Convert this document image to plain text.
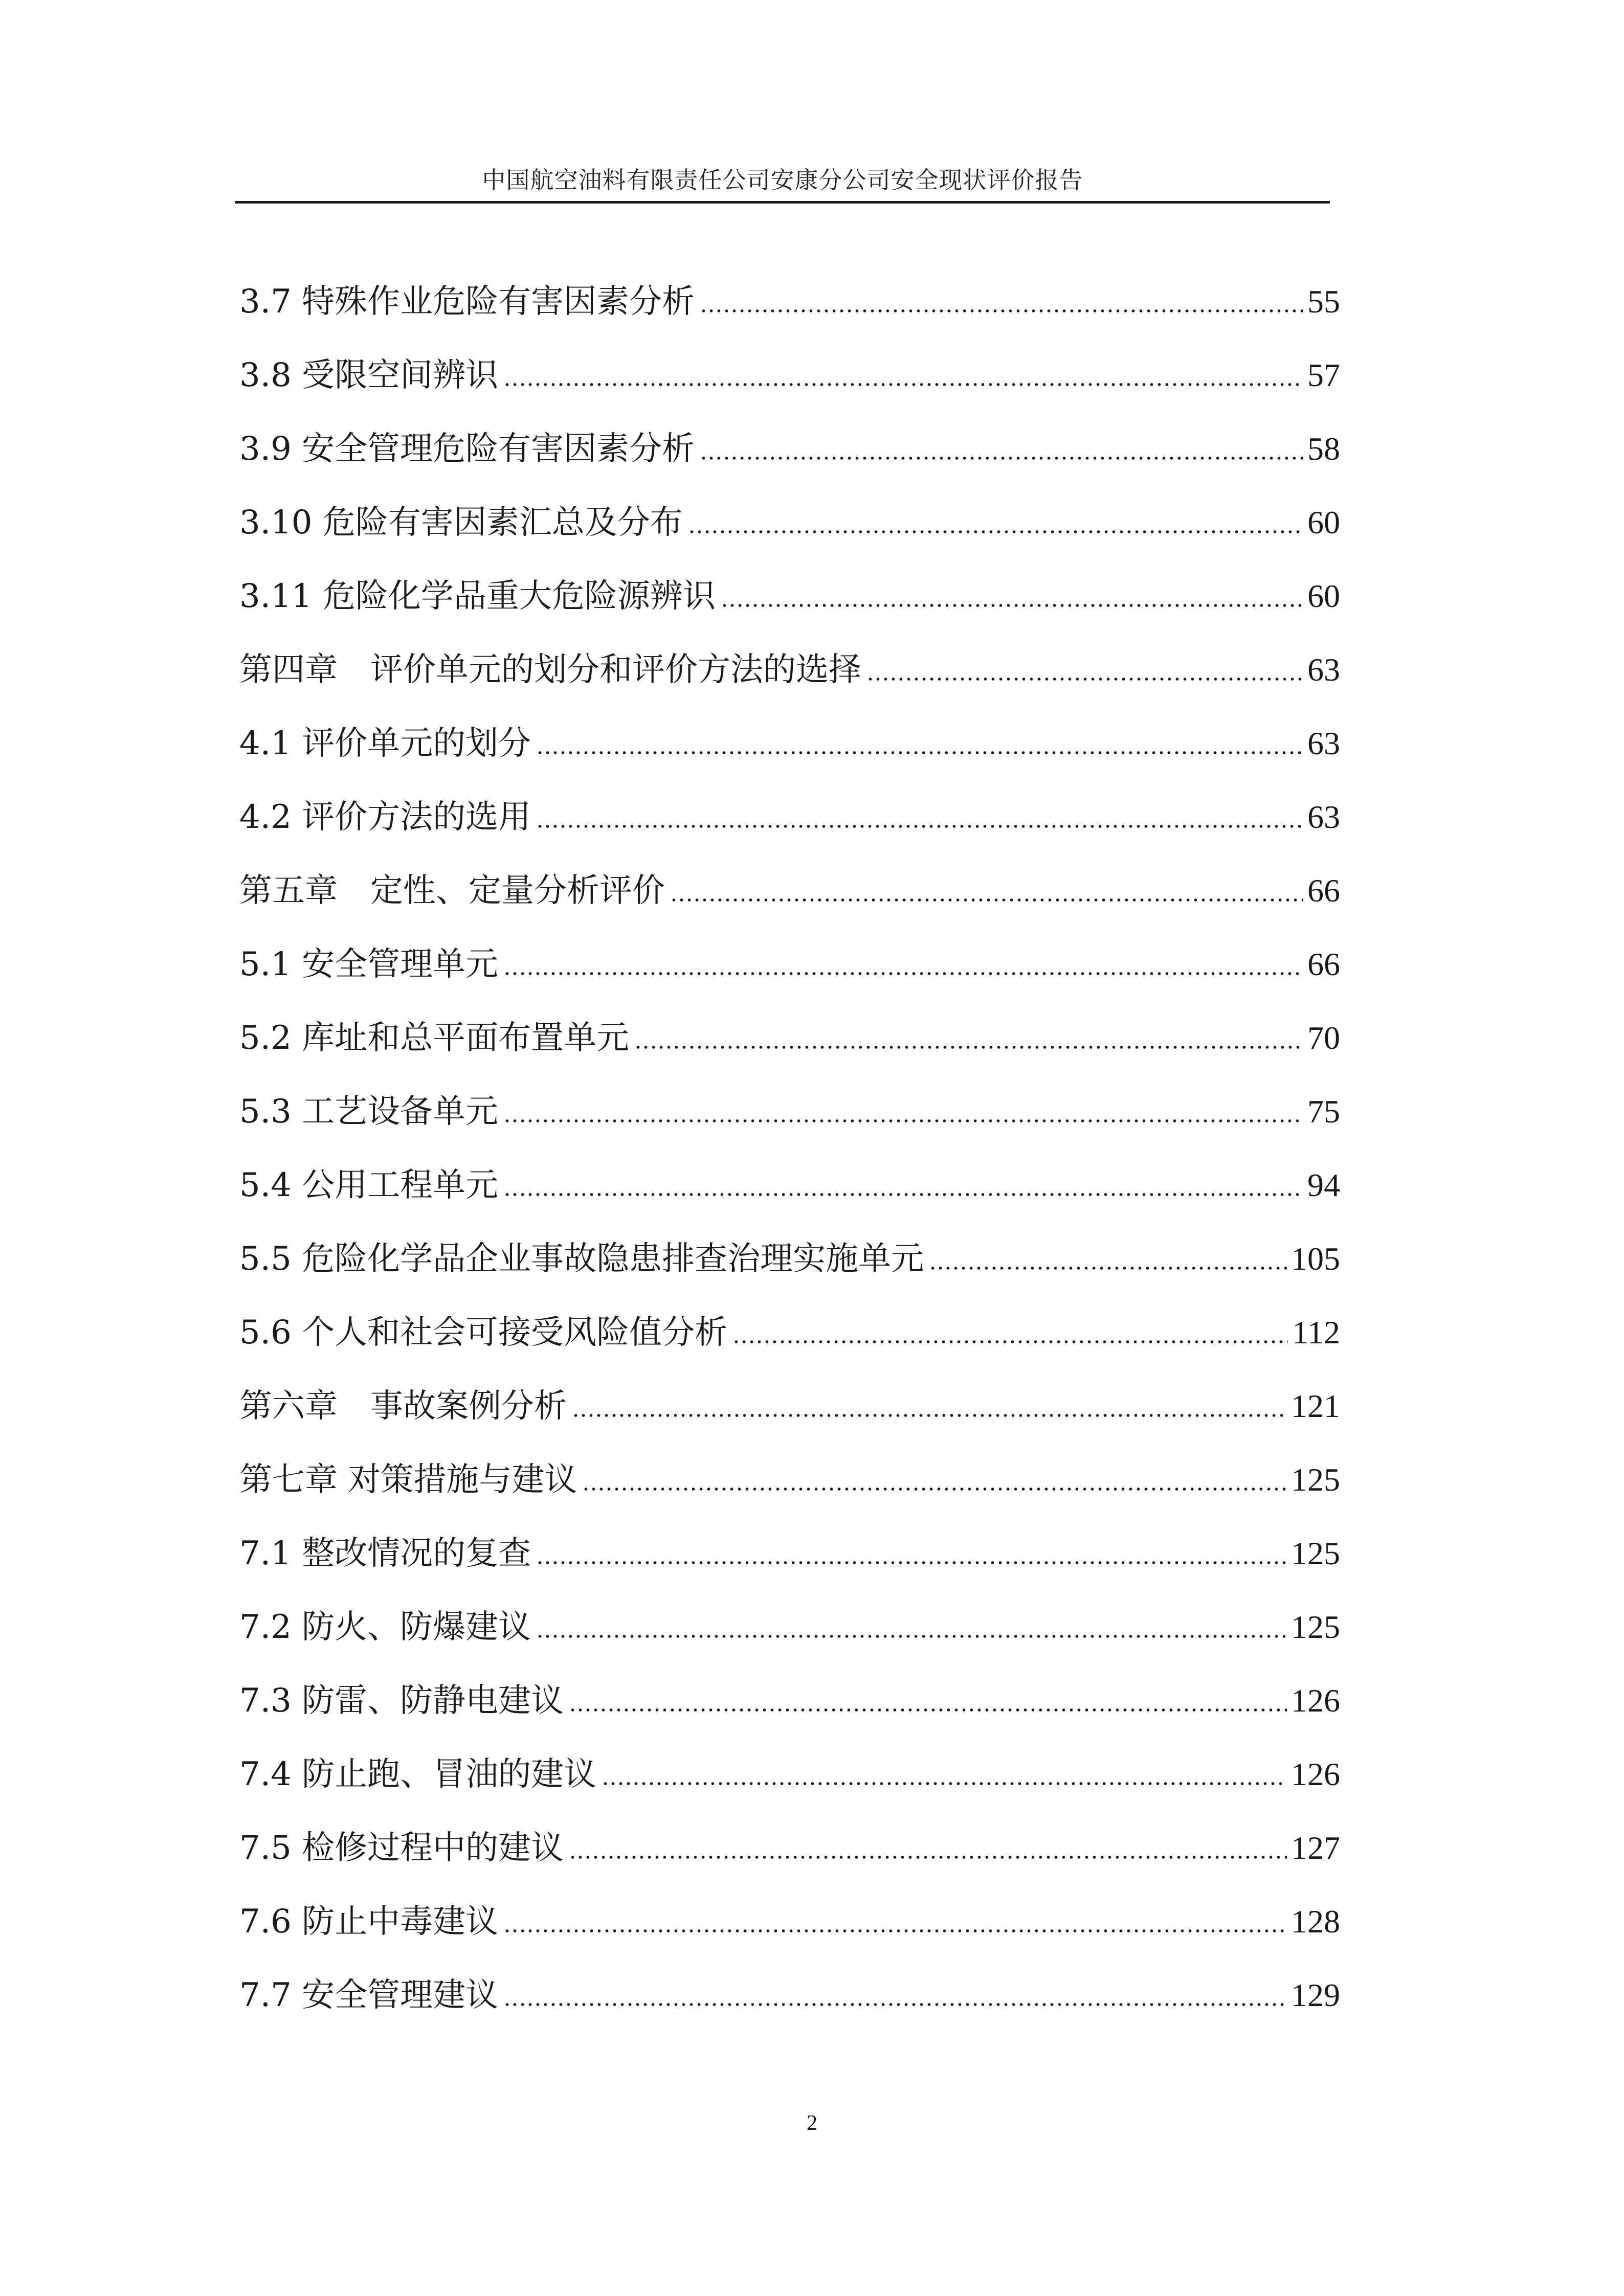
中国航空油料有限责任公司安康分公司安全现状评价报告
3.7 特殊作业危险有害因素分析	55
3.8 受限空间辨识	57
3.9 安全管理危险有害因素分析	58
3.10 危险有害因素汇总及分布	60
3.11 危险化学品重大危险源辨识	60
第四章　评价单元的划分和评价方法的选择	63
4.1 评价单元的划分	63
4.2 评价方法的选用	63
第五章　定性、定量分析评价	66
5.1 安全管理单元	66
5.2 库址和总平面布置单元	70
5.3 工艺设备单元	75
5.4 公用工程单元	94
5.5 危险化学品企业事故隐患排查治理实施单元	105
5.6 个人和社会可接受风险值分析	112
第六章　事故案例分析	121
第七章 对策措施与建议	125
7.1 整改情况的复查	125
7.2 防火、防爆建议	125
7.3 防雷、防静电建议	126
7.4 防止跑、冒油的建议	126
7.5 检修过程中的建议	127
7.6 防止中毒建议	128
7.7 安全管理建议	129
2
